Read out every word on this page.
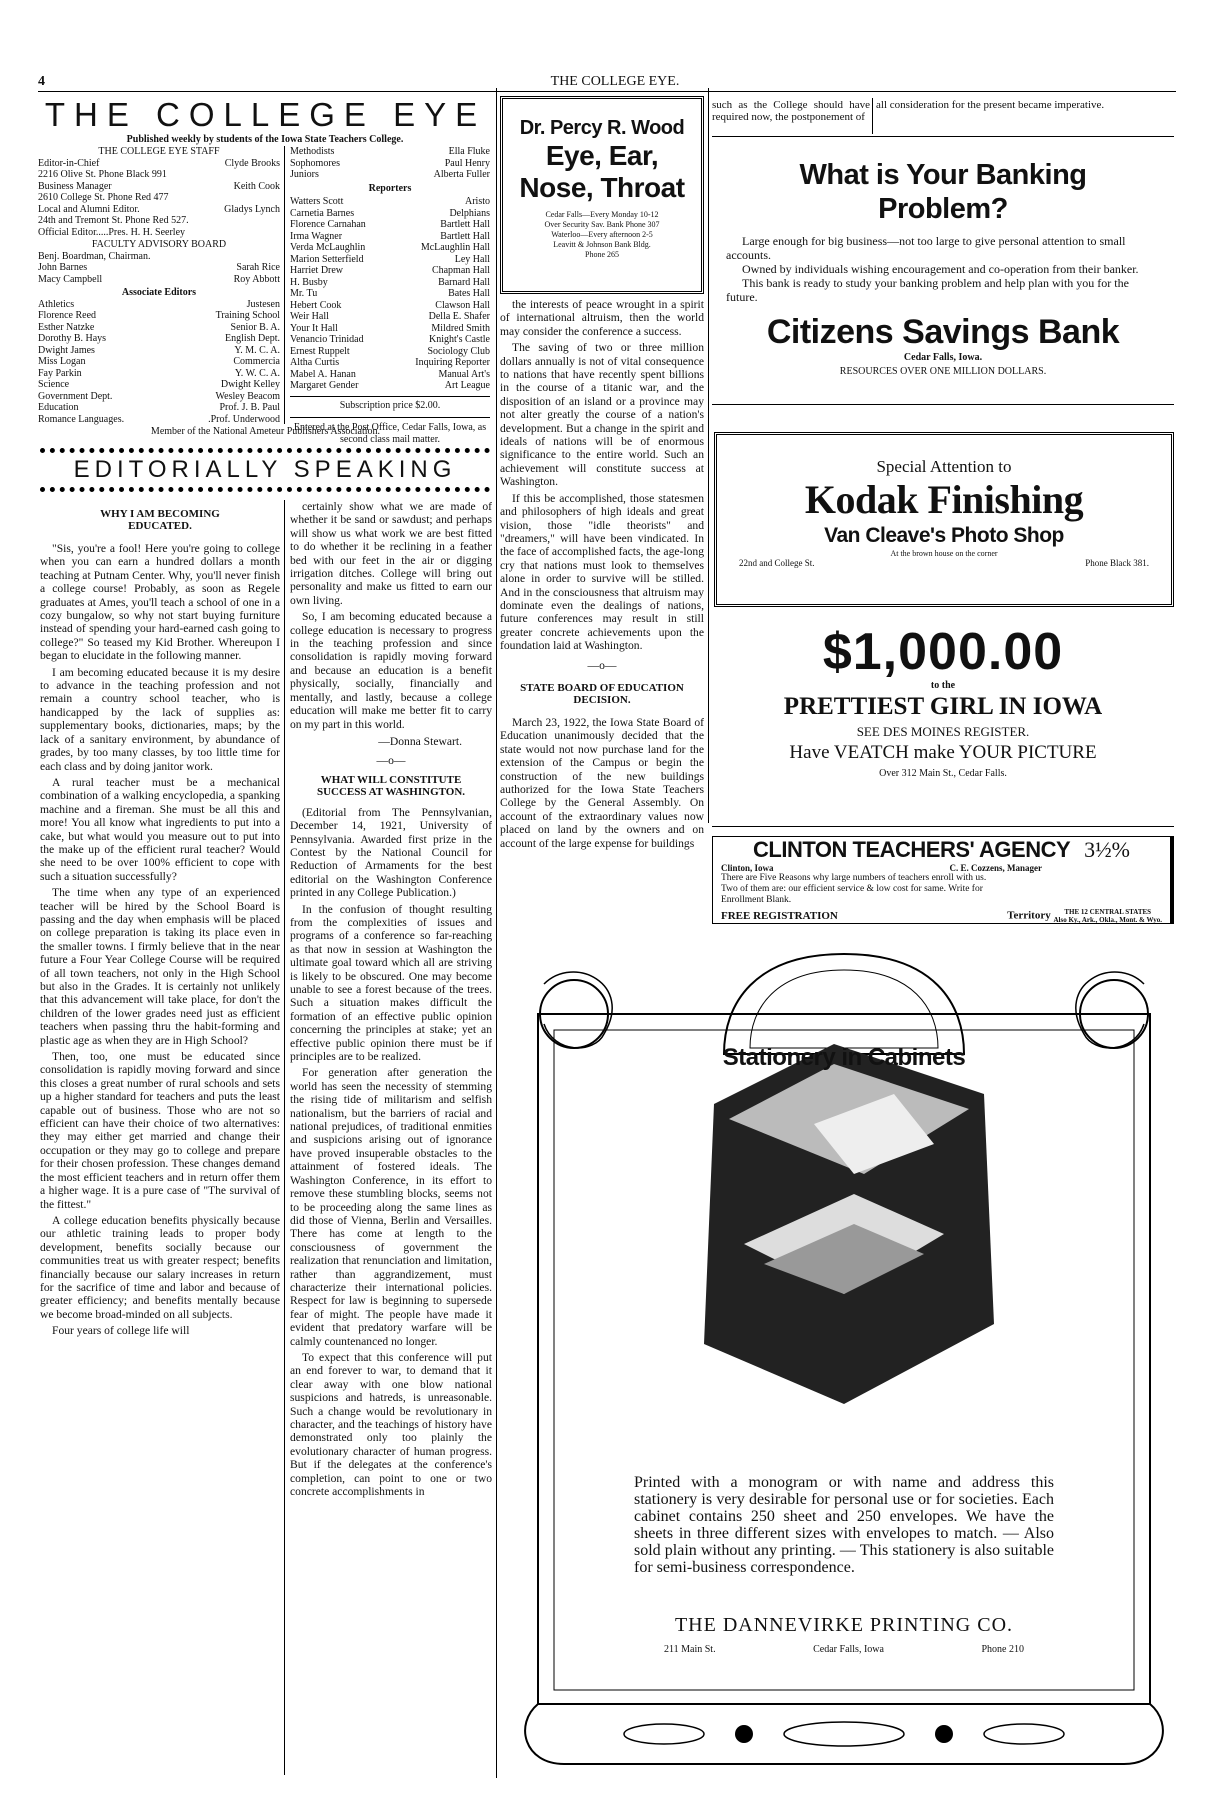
4	THE COLLEGE EYE.
THE COLLEGE EYE
Published weekly by students of the Iowa State Teachers College.
THE COLLEGE EYE STAFF
Editor-in-Chief	Clyde Brooks
2216 Olive St. Phone Black 991
Business Manager	Keith Cook
2610 College St. Phone Red 477
Local and Alumni Editor.	Gladys Lynch
24th and Tremont St. Phone Red 527.
Official Editor.....Pres. H. H. Seerley
FACULTY ADVISORY BOARD
Benj. Boardman, Chairman.
John Barnes	Sarah Rice
Macy Campbell	Roy Abbott
Associate Editors
Athletics	Justesen
Florence Reed	Training School
Esther Natzke	Senior B. A.
Dorothy B. Hays	English Dept.
Dwight James	Y. M. C. A.
Miss Logan	Commercia
Fay Parkin	Y. W. C. A.
Science	Dwight Kelley
Government Dept.	Wesley Beacom
Education	Prof. J. B. Paul
Romance Languages.	.Prof. Underwood
Methodists	Ella Fluke
Sophomores	Paul Henry
Juniors	Alberta Fuller
Reporters
Watters Scott	Aristo
Carnetia Barnes	Delphians
Florence Carnahan	Bartlett Hall
Irma Wagner	Bartlett Hall
Verda McLaughlin	McLaughlin Hall
Marion Setterfield	Ley Hall
Harriet Drew	Chapman Hall
H. Busby	Barnard Hall
Mr. Tu	Bates Hall
Hebert Cook	Clawson Hall
Weir Hall	Della E. Shafer
Your It Hall	Mildred Smith
Venancio Trinidad	Knight's Castle
Ernest Ruppelt	Sociology Club
Altha Curtis	Inquiring Reporter
Mabel A. Hanan	Manual Art's
Margaret Gender	Art League
Subscription price $2.00.
Entered at the Post Office, Cedar Falls, Iowa, as second class mail matter.
Member of the National Ameteur Publishers Association.
EDITORIALLY SPEAKING
WHY I AM BECOMING EDUCATED.

"Sis, you're a fool! Here you're going to college when you can earn a hundred dollars a month teaching at Putnam Center. Why, you'll never finish a college course! Probably, as soon as Regele graduates at Ames, you'll teach a school of one in a cozy bungalow, so why not start buying furniture instead of spending your hard-earned cash going to college?" So teased my Kid Brother. Whereupon I began to elucidate in the following manner.

I am becoming educated because it is my desire to advance in the teaching profession and not remain a country school teacher, who is handicapped by the lack of supplies as: supplementary books, dictionaries, maps; by the lack of a sanitary environment, by abundance of grades, by too many classes, by too little time for each class and by doing janitor work.

A rural teacher must be a mechanical combination of a walking encyclopedia, a spanking machine and a fireman. She must be all this and more! You all know what ingredients to put into a cake, but what would you measure out to put into the make up of the efficient rural teacher? Would she need to be over 100% efficient to cope with such a situation successfully?

The time when any type of an experienced teacher will be hired by the School Board is passing and the day when emphasis will be placed on college preparation is taking its place even in the smaller towns. I firmly believe that in the near future a Four Year College Course will be required of all town teachers, not only in the High School but also in the Grades. It is certainly not unlikely that this advancement will take place, for don't the children of the lower grades need just as efficient teachers when passing thru the habit-forming and plastic age as when they are in High School?

Then, too, one must be educated since consolidation is rapidly moving forward and since this closes a great number of rural schools and sets up a higher standard for teachers and puts the least capable out of business. Those who are not so efficient can have their choice of two alternatives: they may either get married and change their occupation or they may go to college and prepare for their chosen profession. These changes demand the most efficient teachers and in return offer them a higher wage. It is a pure case of "The survival of the fittest."

A college education benefits physically because our athletic training leads to proper body development, benefits socially because our communities treat us with greater respect; benefits financially because our salary increases in return for the sacrifice of time and labor and because of greater efficiency; and benefits mentally because we become broad-minded on all subjects.

Four years of college life will

certainly show what we are made of whether it be sand or sawdust; and perhaps will show us what work we are best fitted to do whether it be reclining in a feather bed with our feet in the air or digging irrigation ditches. College will bring out personality and make us fitted to earn our own living.

So, I am becoming educated because a college education is necessary to progress in the teaching profession and since consolidation is rapidly moving forward and because an education is a benefit physically, socially, financially and mentally, and lastly, because a college education will make me better fit to carry on my part in this world.

—Donna Stewart.
—o—
WHAT WILL CONSTITUTE SUCCESS AT WASHINGTON.

(Editorial from The Pennsylvanian, December 14, 1921, University of Pennsylvania. Awarded first prize in the Contest by the National Council for Reduction of Armaments for the best editorial on the Washington Conference printed in any College Publication.)

In the confusion of thought resulting from the complexities of issues and programs of a conference so far-reaching as that now in session at Washington the ultimate goal toward which all are striving is likely to be obscured. One may become unable to see a forest because of the trees. Such a situation makes difficult the formation of an effective public opinion concerning the principles at stake; yet an effective public opinion there must be if principles are to be realized.

For generation after generation the world has seen the necessity of stemming the rising tide of militarism and selfish nationalism, but the barriers of racial and national prejudices, of traditional enmities and suspicions arising out of ignorance have proved insuperable obstacles to the attainment of fostered ideals. The Washington Conference, in its effort to remove these stumbling blocks, seems not to be proceeding along the same lines as did those of Vienna, Berlin and Versailles. There has come at length to the consciousness of government the realization that renunciation and limitation, rather than aggrandizement, must characterize their international policies. Respect for law is beginning to supersede fear of might. The people have made it evident that predatory warfare will be calmly countenanced no longer.

To expect that this conference will put an end forever to war, to demand that it clear away with one blow national suspicions and hatreds, is unreasonable. Such a change would be revolutionary in character, and the teachings of history have demonstrated only too plainly the evolutionary character of human progress. But if the delegates at the conference's completion, can point to one or two concrete accomplishments in

Dr. Percy R. Wood
Eye, Ear,
Nose, Throat
Cedar Falls—Every Monday 10-12
Over Security Sav. Bank Phone 307
Waterloo—Every afternoon 2-5
Leavitt & Johnson Bank Bldg.
Phone 265

the interests of peace wrought in a spirit of international altruism, then the world may consider the conference a success.

The saving of two or three million dollars annually is not of vital consequence to nations that have recently spent billions in the course of a titanic war, and the disposition of an island or a province may not alter greatly the course of a nation's development. But a change in the spirit and ideals of nations will be of enormous significance to the entire world. Such an achievement will constitute success at Washington.

If this be accomplished, those statesmen and philosophers of high ideals and great vision, those "idle theorists" and "dreamers," will have been vindicated. In the face of accomplished facts, the age-long cry that nations must look to themselves alone in order to survive will be stilled. And in the consciousness that altruism may dominate even the dealings of nations, future conferences may result in still greater concrete achievements upon the foundation laid at Washington.

—o—
STATE BOARD OF EDUCATION DECISION.

March 23, 1922, the Iowa State Board of Education unanimously decided that the state would not now purchase land for the extension of the Campus or begin the construction of the new buildings authorized for the Iowa State Teachers College by the General Assembly. On account of the extraordinary values now placed on land by the owners and on account of the large expense for buildings

such as the College should have required now, the postponement of
all consideration for the present became imperative.
What is Your Banking Problem?
Large enough for big business—not too large to give personal attention to small accounts.
Owned by individuals wishing encouragement and co-operation from their banker.
This bank is ready to study your banking problem and help plan with you for the future.
Citizens Savings Bank
Cedar Falls, Iowa.
RESOURCES OVER ONE MILLION DOLLARS.
Special Attention to
Kodak Finishing
Van Cleave's Photo Shop
At the brown house on the corner
22nd and College St.	Phone Black 381.
$1,000.00
to the
PRETTIEST GIRL IN IOWA
SEE DES MOINES REGISTER.
Have VEATCH make YOUR PICTURE
Over 312 Main St., Cedar Falls.
CLINTON TEACHERS' AGENCY 3½%
Clinton, Iowa	C. E. Cozzens, Manager
There are Five Reasons why large numbers of teachers enroll with us.
Two of them are: our efficient service & low cost for same. Write for
Enrollment Blank.
FREE REGISTRATION	Territory THE 12 CENTRAL STATES
Also Ky., Ark., Okla., Mont. & Wyo.
Stationery in Cabinets
Printed with a monogram or with name and address this stationery is very desirable for personal use or for societies. Each cabinet contains 250 sheet and 250 envelopes. We have the sheets in three different sizes with envelopes to match. — Also sold plain without any printing. — This stationery is also suitable for semi-business correspondence.
THE DANNEVIRKE PRINTING CO.
211 Main St.	Cedar Falls, Iowa	Phone 210
